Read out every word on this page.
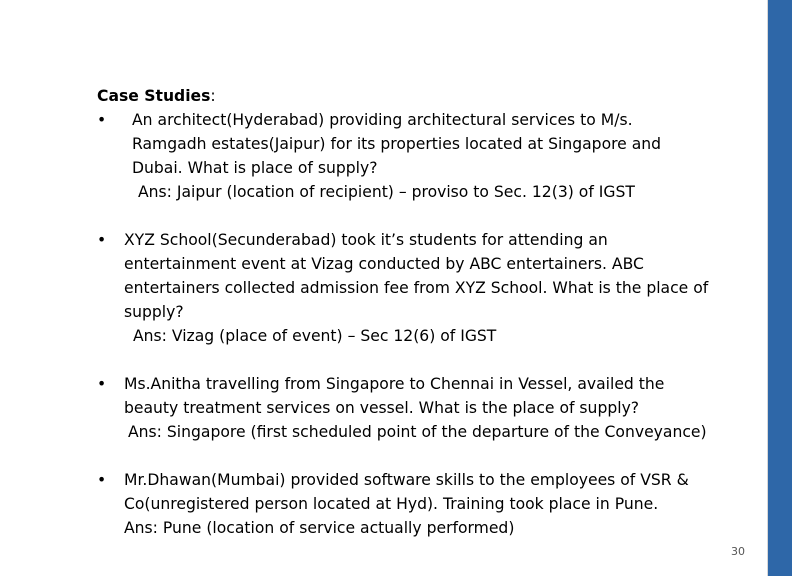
Case Studies:
•	An architect(Hyderabad) providing architectural services to M/s.
Ramgadh estates(Jaipur) for its properties located at Singapore and
Dubai. What is place of supply?
Ans: Jaipur (location of recipient) – proviso to Sec. 12(3) of IGST
•	XYZ School(Secunderabad) took it’s students for attending an
entertainment event at Vizag conducted by ABC entertainers. ABC
entertainers collected admission fee from XYZ School. What is the place of
supply?
Ans: Vizag (place of event) – Sec 12(6) of IGST
•	Ms.Anitha travelling from Singapore to Chennai in Vessel, availed the
beauty treatment services on vessel. What is the place of supply?
Ans: Singapore (first scheduled point of the departure of the Conveyance)
•	Mr.Dhawan(Mumbai) provided software skills to the employees of VSR &
Co(unregistered person located at Hyd). Training took place in Pune.
Ans: Pune (location of service actually performed)
30
